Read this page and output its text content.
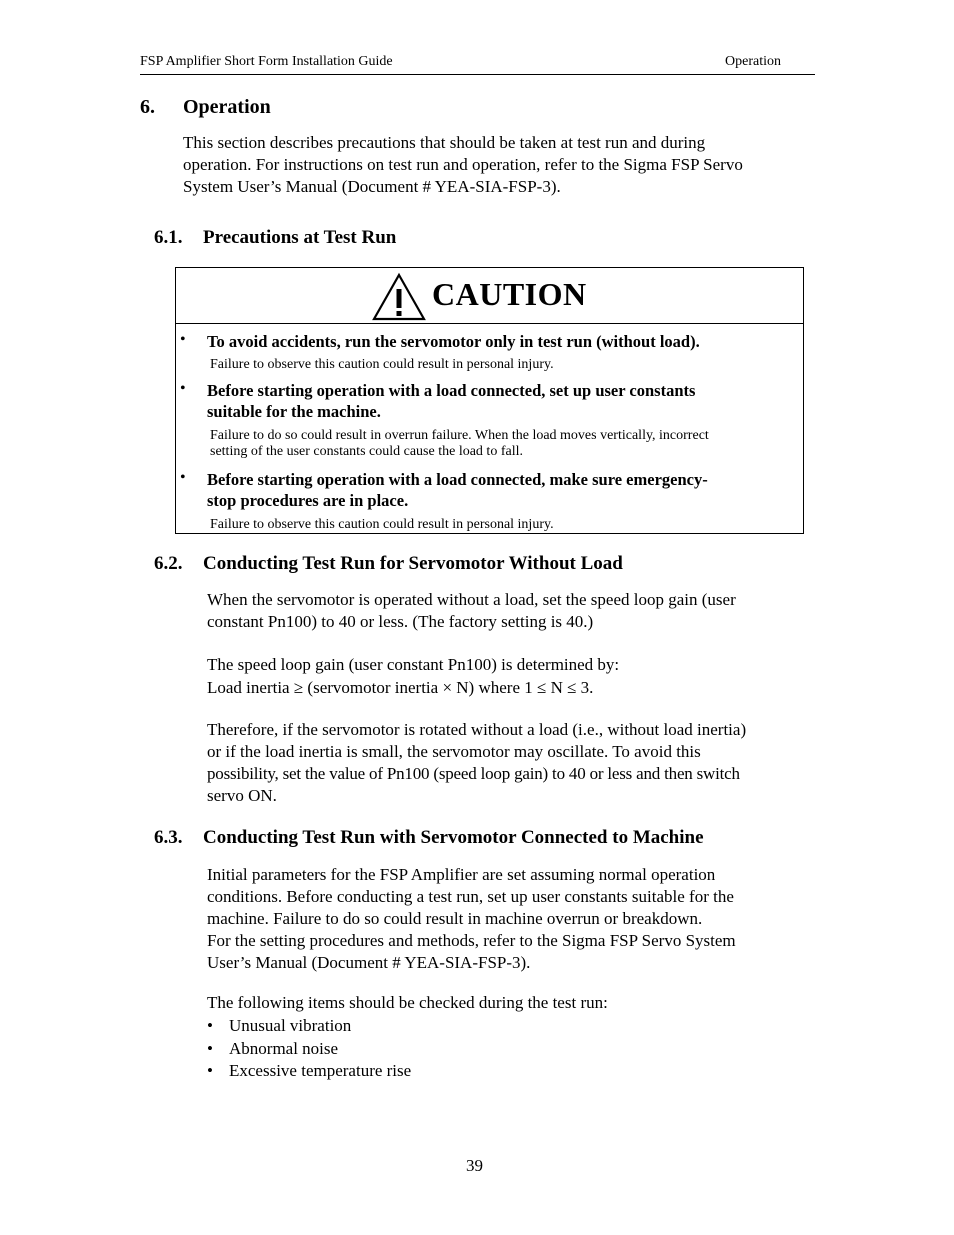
FSP Amplifier Short Form Installation Guide	Operation
6. Operation

This section describes precautions that should be taken at test run and during

operation. For instructions on test run and operation, refer to the Sigma FSP Servo

System User’s Manual (Document # YEA-SIA-FSP-3).

6.1. Precautions at Test Run
CAUTION
• To avoid accidents, run the servomotor only in test run (without load).
Failure to observe this caution could result in personal injury.
• Before starting operation with a load connected, set up user constants
suitable for the machine.
Failure to do so could result in overrun failure. When the load moves vertically, incorrect
setting of the user constants could cause the load to fall.
• Before starting operation with a load connected, make sure emergency-
stop procedures are in place.
Failure to observe this caution could result in personal injury.
6.2. Conducting Test Run for Servomotor Without Load

When the servomotor is operated without a load, set the speed loop gain (user

constant Pn100) to 40 or less. (The factory setting is 40.)

The speed loop gain (user constant Pn100) is determined by:

Load inertia ≥ (servomotor inertia × N) where 1 ≤ N ≤ 3.

Therefore, if the servomotor is rotated without a load (i.e., without load inertia)

or if the load inertia is small, the servomotor may oscillate. To avoid this

possibility, set the value of Pn100 (speed loop gain) to 40 or less and then switch

servo ON.

6.3. Conducting Test Run with Servomotor Connected to Machine

Initial parameters for the FSP Amplifier are set assuming normal operation

conditions. Before conducting a test run, set up user constants suitable for the

machine. Failure to do so could result in machine overrun or breakdown.

For the setting procedures and methods, refer to the Sigma FSP Servo System

User’s Manual (Document # YEA-SIA-FSP-3).

The following items should be checked during the test run:

• Unusual vibration
• Abnormal noise
• Excessive temperature rise
39
